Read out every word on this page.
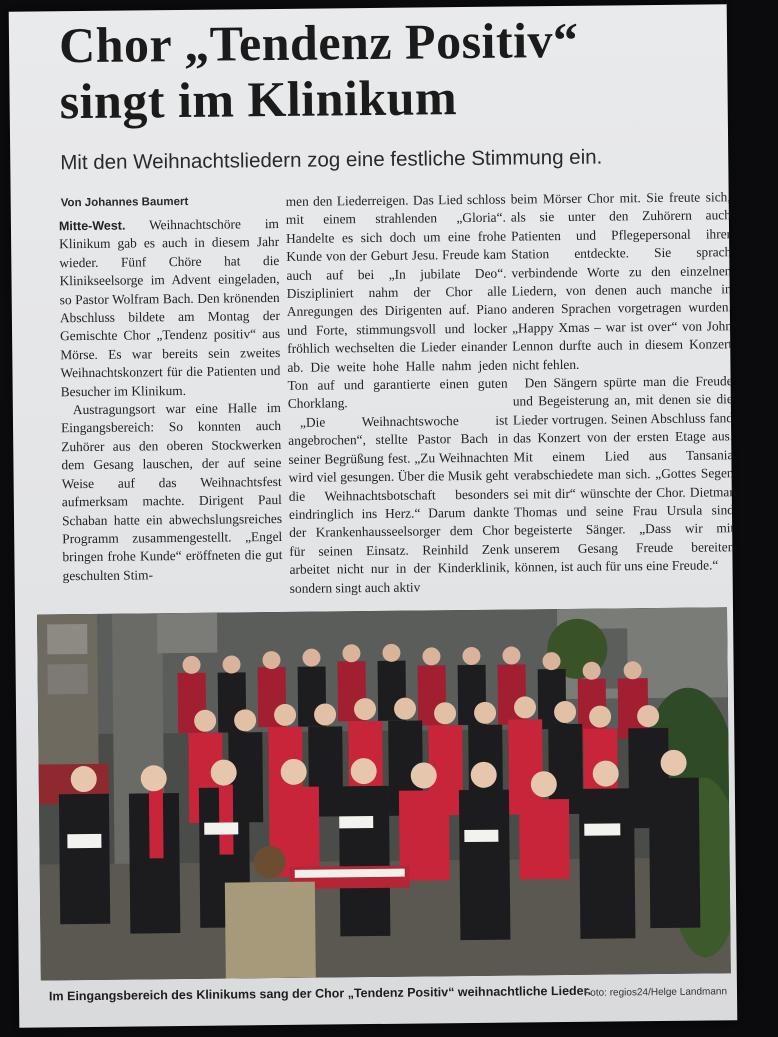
Chor „Tendenz Positiv“
singt im Klinikum
Mit den Weihnachtsliedern zog eine festliche Stimmung ein.
Von Johannes Baumert

Mitte-West. Weihnachtschöre im Klinikum gab es auch in diesem Jahr wieder. Fünf Chöre hat die Klinikseelsorge im Advent eingeladen, so Pastor Wolfram Bach. Den krönenden Abschluss bildete am Montag der Gemischte Chor „Tendenz positiv“ aus Mörse. Es war bereits sein zweites Weihnachtskonzert für die Patienten und Besucher im Klinikum.

Austragungsort war eine Halle im Eingangsbereich: So konnten auch Zuhörer aus den oberen Stockwerken dem Gesang lauschen, der auf seine Weise auf das Weihnachtsfest aufmerksam machte. Dirigent Paul Schaban hatte ein abwechslungsreiches Programm zusammengestellt. „Engel bringen frohe Kunde“ eröffneten die gut geschulten Stim-

men den Liederreigen. Das Lied schloss mit einem strahlenden „Gloria“. Handelte es sich doch um eine frohe Kunde von der Geburt Jesu. Freude kam auch auf bei „In jubilate Deo“. Diszipliniert nahm der Chor alle Anregungen des Dirigenten auf. Piano und Forte, stimmungsvoll und locker fröhlich wechselten die Lieder einander ab. Die weite hohe Halle nahm jeden Ton auf und garantierte einen guten Chorklang.

„Die Weihnachtswoche ist angebrochen“, stellte Pastor Bach in seiner Begrüßung fest. „Zu Weihnachten wird viel gesungen. Über die Musik geht die Weihnachtsbotschaft besonders eindringlich ins Herz.“ Darum dankte der Krankenhausseelsorger dem Chor für seinen Einsatz. Reinhild Zenk arbeitet nicht nur in der Kinderklinik, sondern singt auch aktiv

beim Mörser Chor mit. Sie freute sich, als sie unter den Zuhörern auch Patienten und Pflegepersonal ihrer Station entdeckte. Sie sprach verbindende Worte zu den einzelnen Liedern, von denen auch manche in anderen Sprachen vorgetragen wurden. „Happy Xmas – war ist over“ von John Lennon durfte auch in diesem Konzert nicht fehlen.

Den Sängern spürte man die Freude und Begeisterung an, mit denen sie die Lieder vortrugen. Seinen Abschluss fand das Konzert von der ersten Etage aus. Mit einem Lied aus Tansania verabschiedete man sich. „Gottes Segen sei mit dir“ wünschte der Chor. Dietmar Thomas und seine Frau Ursula sind begeisterte Sänger. „Dass wir mit unserem Gesang Freude bereiten können, ist auch für uns eine Freude.“

Im Eingangsbereich des Klinikums sang der Chor „Tendenz Positiv“ weihnachtliche Lieder.
Foto: regios24/Helge Landmann
